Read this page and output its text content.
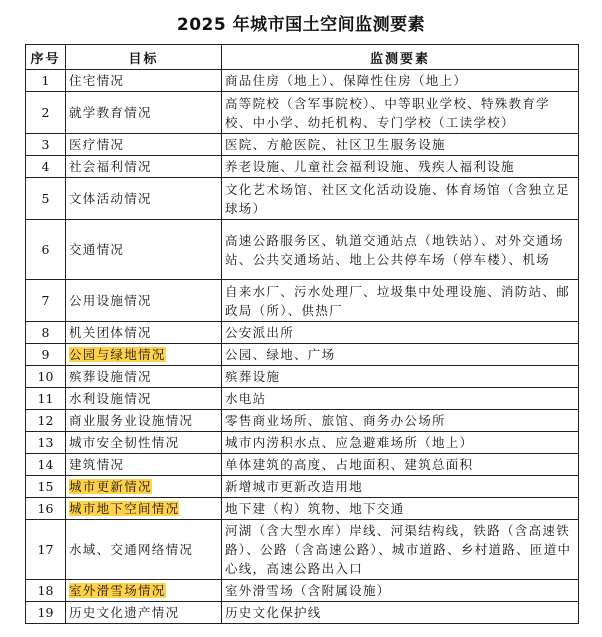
2025 年城市国土空间监测要素
序号	目标	监测要素
1	住宅情况	商品住房（地上）、保障性住房（地上）
2	就学教育情况	高等院校（含军事院校）、中等职业学校、特殊教育学校、中小学、幼托机构、专门学校（工读学校）
3	医疗情况	医院、方舱医院、社区卫生服务设施
4	社会福利情况	养老设施、儿童社会福利设施、残疾人福利设施
5	文体活动情况	文化艺术场馆、社区文化活动设施、体育场馆（含独立足球场）
6	交通情况	高速公路服务区、轨道交通站点（地铁站）、对外交通场站、公共交通场站、地上公共停车场（停车楼）、机场
7	公用设施情况	自来水厂、污水处理厂、垃圾集中处理设施、消防站、邮政局（所）、供热厂
8	机关团体情况	公安派出所
9	公园与绿地情况	公园、绿地、广场
10	殡葬设施情况	殡葬设施
11	水利设施情况	水电站
12	商业服务业设施情况	零售商业场所、旅馆、商务办公场所
13	城市安全韧性情况	城市内涝积水点、应急避难场所（地上）
14	建筑情况	单体建筑的高度、占地面积、建筑总面积
15	城市更新情况	新增城市更新改造用地
16	城市地下空间情况	地下建（构）筑物、地下交通
17	水域、交通网络情况	河湖（含大型水库）岸线、河渠结构线，铁路（含高速铁路）、公路（含高速公路）、城市道路、乡村道路、匝道中心线，高速公路出入口
18	室外滑雪场情况	室外滑雪场（含附属设施）
19	历史文化遗产情况	历史文化保护线
